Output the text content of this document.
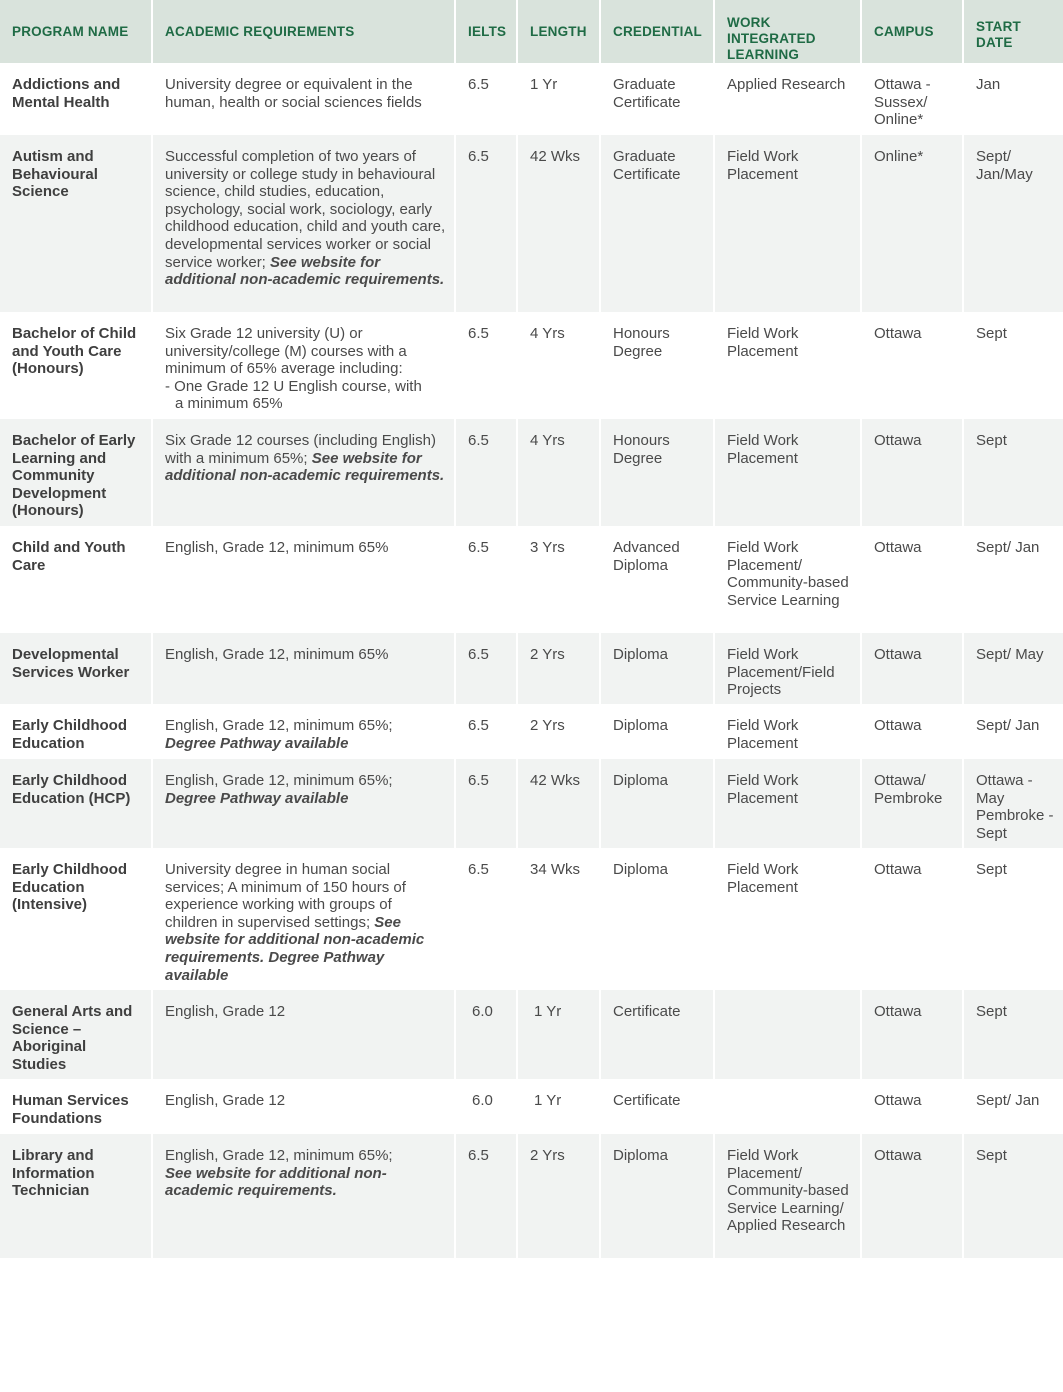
PROGRAM NAME	ACADEMIC REQUIREMENTS	IELTS	LENGTH	CREDENTIAL	WORK INTEGRATED LEARNING	CAMPUS	START DATE
Addictions and Mental Health	University degree or equivalent in the human, health or social sciences fields	6.5	1 Yr	Graduate Certificate	Applied Research	Ottawa - Sussex/ Online*	Jan
Autism and Behavioural Science	Successful completion of two years of university or college study in behavioural science, child studies, education, psychology, social work, sociology, early childhood education, child and youth care, developmental services worker or social service worker; See website for additional non-academic requirements.	6.5	42 Wks	Graduate Certificate	Field Work Placement	Online*	Sept/ Jan/May
Bachelor of Child and Youth Care (Honours)	Six Grade 12 university (U) or university/college (M) courses with a minimum of 65% average including:
- One Grade 12 U English course, with
a minimum 65%	6.5	4 Yrs	Honours Degree	Field Work Placement	Ottawa	Sept
Bachelor of Early Learning and Community Development (Honours)	Six Grade 12 courses (including English) with a minimum 65%; See website for additional non-academic requirements.	6.5	4 Yrs	Honours Degree	Field Work Placement	Ottawa	Sept
Child and Youth Care	English, Grade 12, minimum 65%	6.5	3 Yrs	Advanced Diploma	Field Work Placement/ Community-based Service Learning	Ottawa	Sept/ Jan
Developmental Services Worker	English, Grade 12, minimum 65%	6.5	2 Yrs	Diploma	Field Work Placement/Field Projects	Ottawa	Sept/ May
Early Childhood Education	English, Grade 12, minimum 65%;
Degree Pathway available	6.5	2 Yrs	Diploma	Field Work Placement	Ottawa	Sept/ Jan
Early Childhood Education (HCP)	English, Grade 12, minimum 65%;
Degree Pathway available	6.5	42 Wks	Diploma	Field Work Placement	Ottawa/ Pembroke	Ottawa - May Pembroke - Sept
Early Childhood Education (Intensive)	University degree in human social services; A minimum of 150 hours of experience working with groups of children in supervised settings; See website for additional non-academic requirements. Degree Pathway available	6.5	34 Wks	Diploma	Field Work Placement	Ottawa	Sept
General Arts and Science – Aboriginal Studies	English, Grade 12	6.0	1 Yr	Certificate		Ottawa	Sept
Human Services Foundations	English, Grade 12	6.0	1 Yr	Certificate		Ottawa	Sept/ Jan
Library and Information Technician	English, Grade 12, minimum 65%;
See website for additional non-academic requirements.	6.5	2 Yrs	Diploma	Field Work Placement/ Community-based Service Learning/ Applied Research	Ottawa	Sept
